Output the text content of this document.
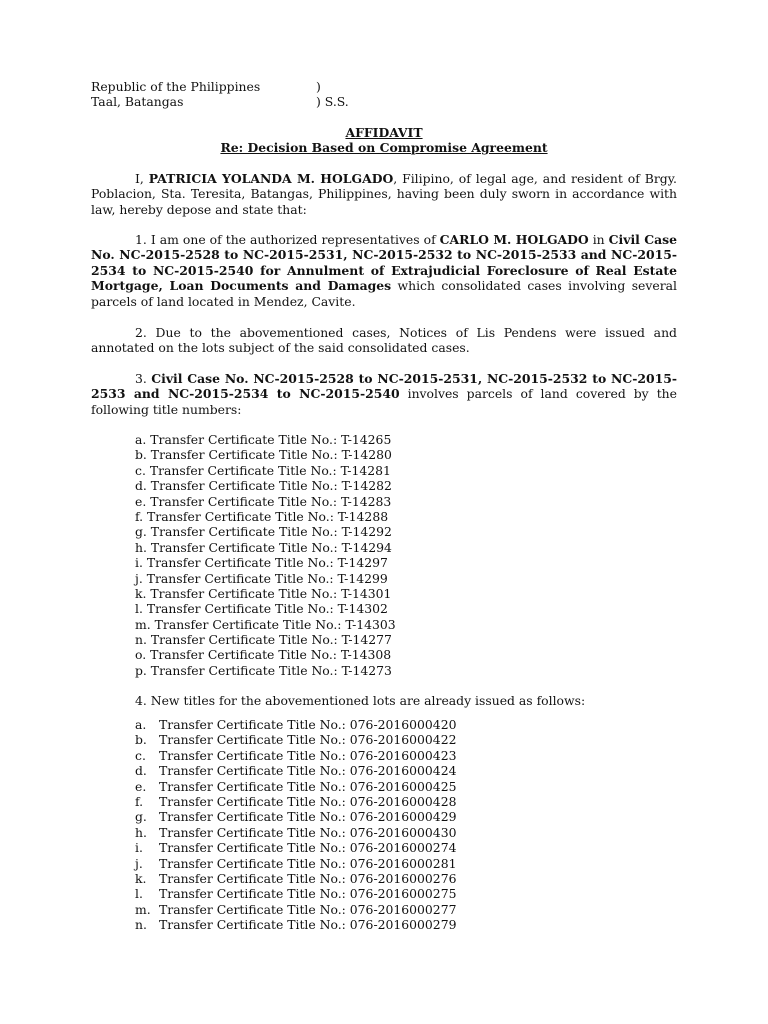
Republic of the Philippines	)
Taal, Batangas	) S.S.
AFFIDAVIT
Re: Decision Based on Compromise Agreement
I, PATRICIA YOLANDA M. HOLGADO, Filipino, of legal age, and resident of Brgy. Poblacion, Sta. Teresita, Batangas, Philippines, having been duly sworn in accordance with law, hereby depose and state that:
1. I am one of the authorized representatives of CARLO M. HOLGADO in Civil Case No. NC-2015-2528 to NC-2015-2531, NC-2015-2532 to NC-2015-2533 and NC-2015-2534 to NC-2015-2540 for Annulment of Extrajudicial Foreclosure of Real Estate Mortgage, Loan Documents and Damages which consolidated cases involving several parcels of land located in Mendez, Cavite.
2. Due to the abovementioned cases, Notices of Lis Pendens were issued and annotated on the lots subject of the said consolidated cases.
3. Civil Case No. NC-2015-2528 to NC-2015-2531, NC-2015-2532 to NC-2015-2533 and NC-2015-2534 to NC-2015-2540 involves parcels of land covered by the following title numbers:
a. Transfer Certificate Title No.: T-14265
b. Transfer Certificate Title No.: T-14280
c. Transfer Certificate Title No.: T-14281
d. Transfer Certificate Title No.: T-14282
e. Transfer Certificate Title No.: T-14283
f. Transfer Certificate Title No.: T-14288
g. Transfer Certificate Title No.: T-14292
h. Transfer Certificate Title No.: T-14294
i. Transfer Certificate Title No.: T-14297
j. Transfer Certificate Title No.: T-14299
k. Transfer Certificate Title No.: T-14301
l. Transfer Certificate Title No.: T-14302
m. Transfer Certificate Title No.: T-14303
n. Transfer Certificate Title No.: T-14277
o. Transfer Certificate Title No.: T-14308
p. Transfer Certificate Title No.: T-14273
4. New titles for the abovementioned lots are already issued as follows:
a. Transfer Certificate Title No.: 076-2016000420
b. Transfer Certificate Title No.: 076-2016000422
c. Transfer Certificate Title No.: 076-2016000423
d. Transfer Certificate Title No.: 076-2016000424
e. Transfer Certificate Title No.: 076-2016000425
f. Transfer Certificate Title No.: 076-2016000428
g. Transfer Certificate Title No.: 076-2016000429
h. Transfer Certificate Title No.: 076-2016000430
i. Transfer Certificate Title No.: 076-2016000274
j. Transfer Certificate Title No.: 076-2016000281
k. Transfer Certificate Title No.: 076-2016000276
l. Transfer Certificate Title No.: 076-2016000275
m. Transfer Certificate Title No.: 076-2016000277
n. Transfer Certificate Title No.: 076-2016000279
